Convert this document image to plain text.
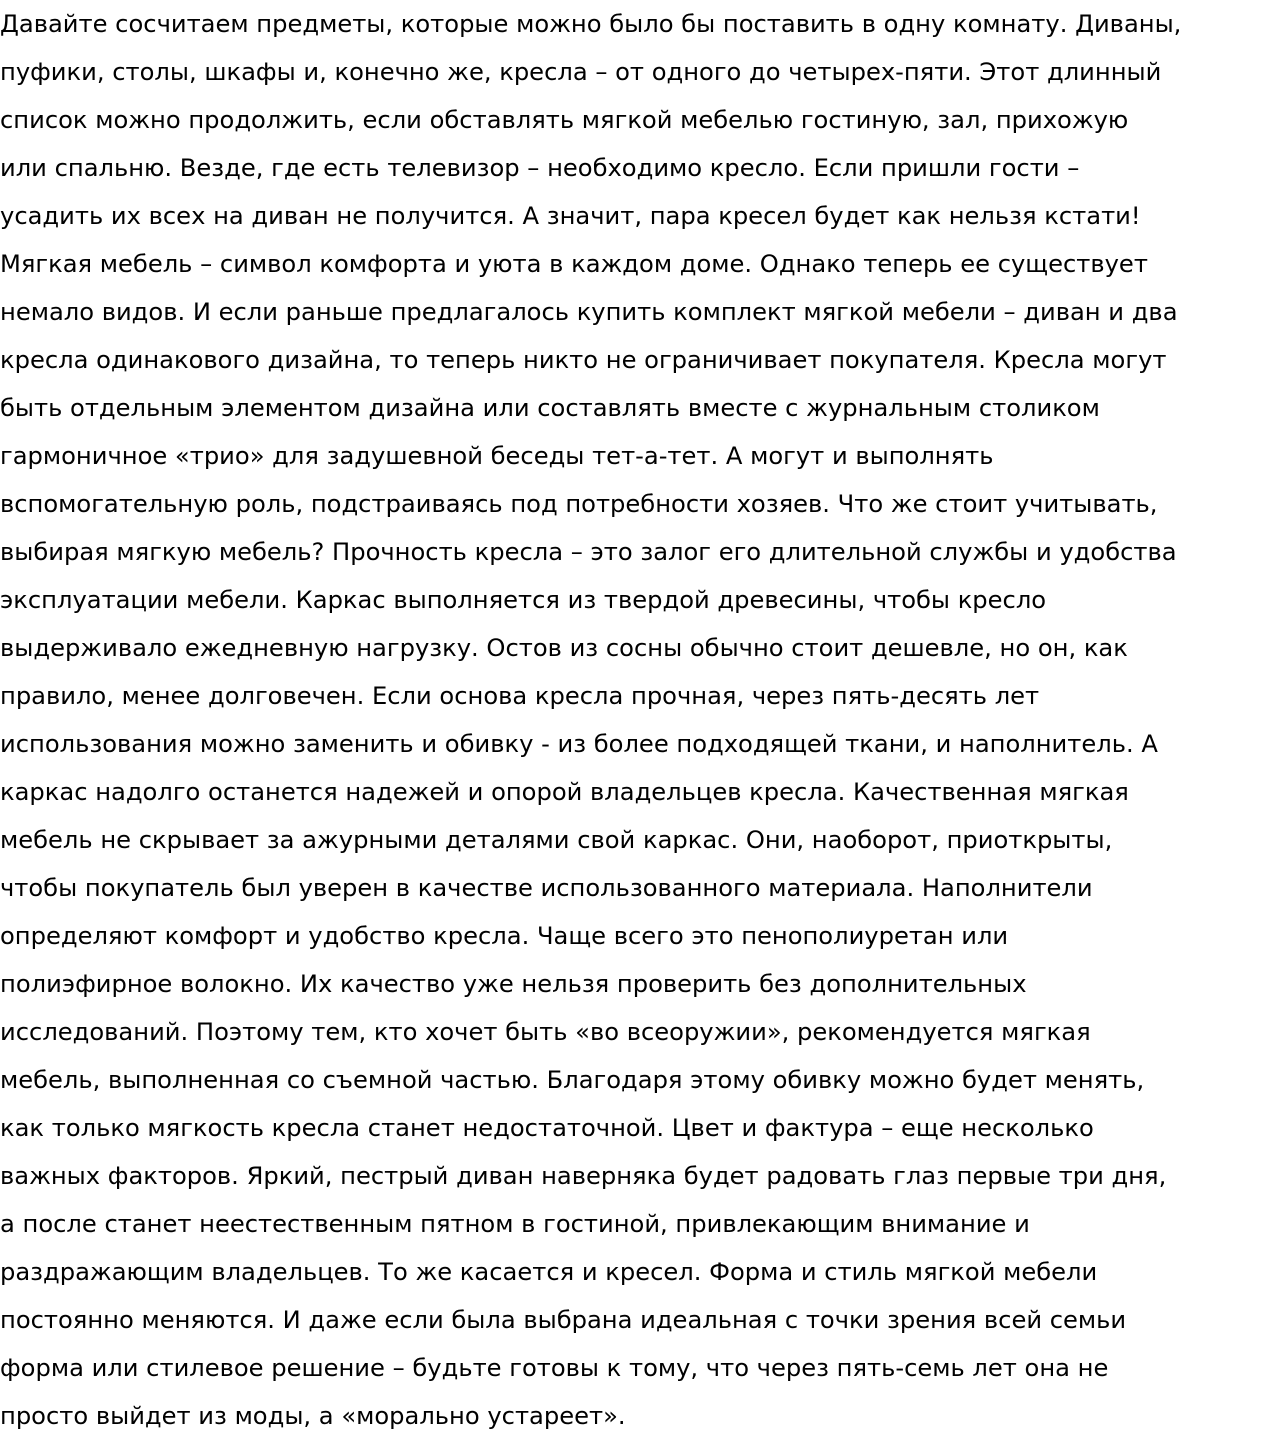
Давайте сосчитаем предметы, которые можно было бы поставить в одну комнату. Диваны,
пуфики, столы, шкафы и, конечно же, кресла – от одного до четырех-пяти. Этот длинный
список можно продолжить, если обставлять мягкой мебелью гостиную, зал, прихожую
или спальню. Везде, где есть телевизор – необходимо кресло. Если пришли гости –
усадить их всех на диван не получится. А значит, пара кресел будет как нельзя кстати!
Мягкая мебель – символ комфорта и уюта в каждом доме. Однако теперь ее существует
немало видов. И если раньше предлагалось купить комплект мягкой мебели – диван и два
кресла одинакового дизайна, то теперь никто не ограничивает покупателя. Кресла могут
быть отдельным элементом дизайна или составлять вместе с журнальным столиком
гармоничное «трио» для задушевной беседы тет-а-тет. А могут и выполнять
вспомогательную роль, подстраиваясь под потребности хозяев. Что же стоит учитывать,
выбирая мягкую мебель? Прочность кресла – это залог его длительной службы и удобства
эксплуатации мебели. Каркас выполняется из твердой древесины, чтобы кресло
выдерживало ежедневную нагрузку. Остов из сосны обычно стоит дешевле, но он, как
правило, менее долговечен. Если основа кресла прочная, через пять-десять лет
использования можно заменить и обивку - из более подходящей ткани, и наполнитель. А
каркас надолго останется надежей и опорой владельцев кресла. Качественная мягкая
мебель не скрывает за ажурными деталями свой каркас. Они, наоборот, приоткрыты,
чтобы покупатель был уверен в качестве использованного материала. Наполнители
определяют комфорт и удобство кресла. Чаще всего это пенополиуретан или
полиэфирное волокно. Их качество уже нельзя проверить без дополнительных
исследований. Поэтому тем, кто хочет быть «во всеоружии», рекомендуется мягкая
мебель, выполненная со съемной частью. Благодаря этому обивку можно будет менять,
как только мягкость кресла станет недостаточной. Цвет и фактура – еще несколько
важных факторов. Яркий, пестрый диван наверняка будет радовать глаз первые три дня,
а после станет неестественным пятном в гостиной, привлекающим внимание и
раздражающим владельцев. То же касается и кресел. Форма и стиль мягкой мебели
постоянно меняются. И даже если была выбрана идеальная с точки зрения всей семьи
форма или стилевое решение – будьте готовы к тому, что через пять-семь лет она не
просто выйдет из моды, а «морально устареет».
